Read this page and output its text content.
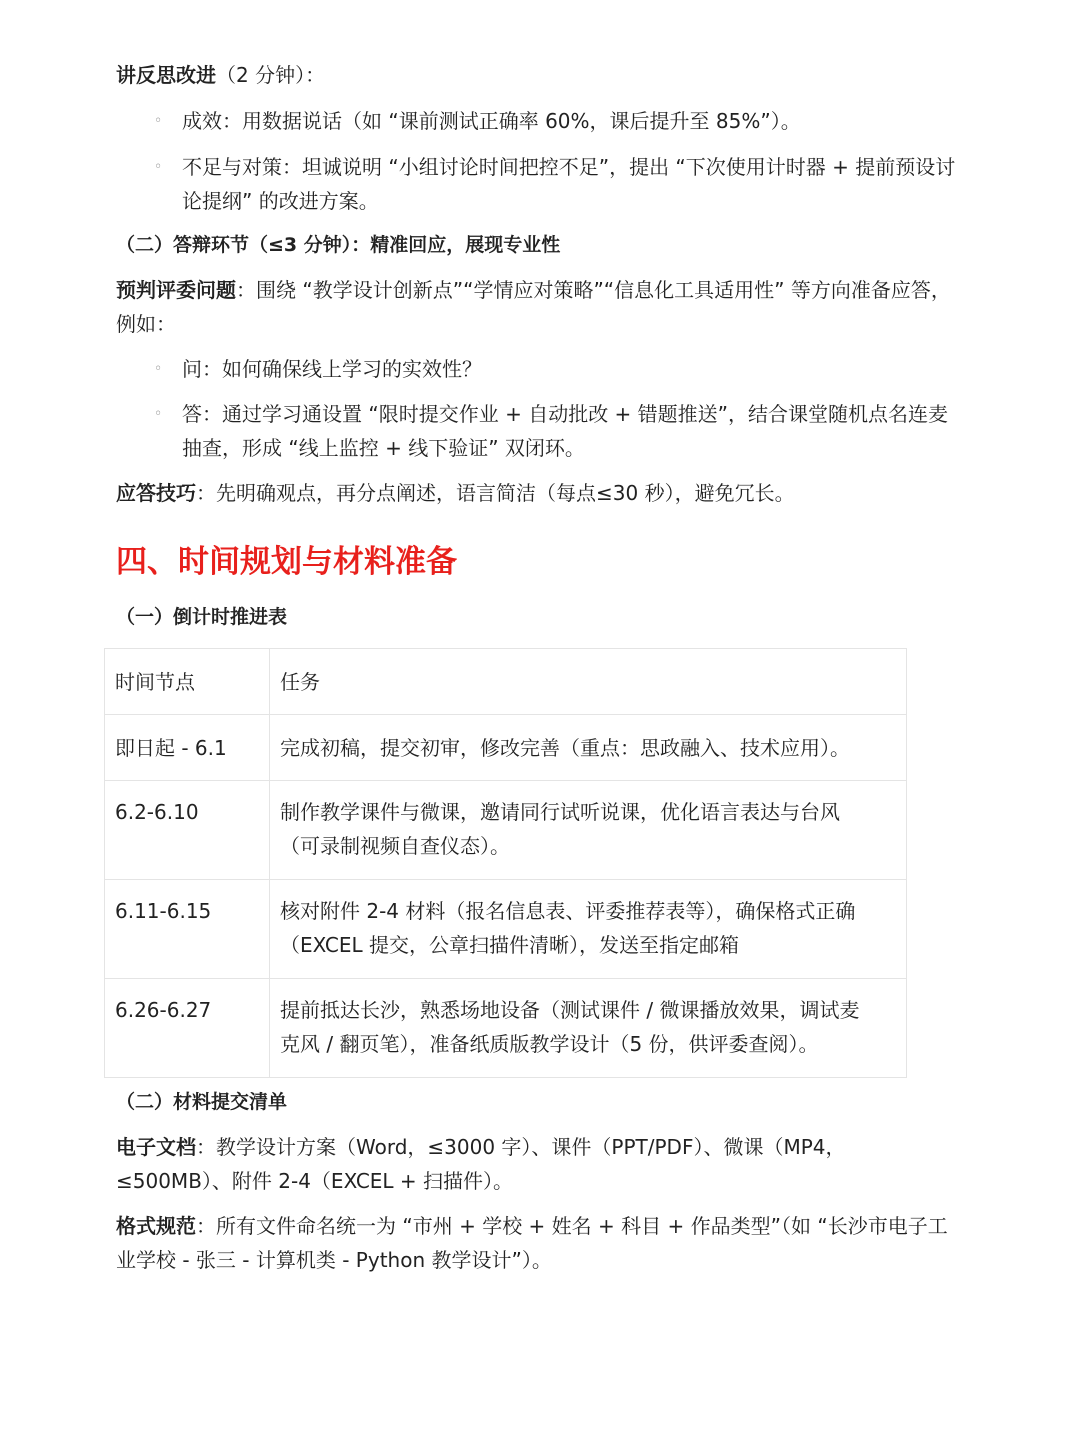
讲反思改进（2 分钟）：
◦ 成效：用数据说话（如 “课前测试正确率 60%，课后提升至 85%”）。
◦ 不足与对策：坦诚说明 “小组讨论时间把控不足”，提出 “下次使用计时器 + 提前预设讨
论提纲” 的改进方案。
（二）答辩环节（≤3 分钟）：精准回应，展现专业性
预判评委问题：围绕 “教学设计创新点”“学情应对策略”“信息化工具适用性” 等方向准备应答，
例如：
◦ 问：如何确保线上学习的实效性？
◦ 答：通过学习通设置 “限时提交作业 + 自动批改 + 错题推送”，结合课堂随机点名连麦
抽查，形成 “线上监控 + 线下验证” 双闭环。
应答技巧：先明确观点，再分点阐述，语言简洁（每点≤30 秒），避免冗长。
四、时间规划与材料准备
（一）倒计时推进表
时间节点	任务
即日起 - 6.1	完成初稿，提交初审，修改完善（重点：思政融入、技术应用）。
6.2-6.10	制作教学课件与微课，邀请同行试听说课，优化语言表达与台风
（可录制视频自查仪态）。

6.11-6.15	核对附件 2-4 材料（报名信息表、评委推荐表等），确保格式正确
（EXCEL 提交，公章扫描件清晰），发送至指定邮箱

6.26-6.27	提前抵达长沙，熟悉场地设备（测试课件 / 微课播放效果，调试麦
克风 / 翻页笔），准备纸质版教学设计（5 份，供评委查阅）。
（二）材料提交清单
电子文档：教学设计方案（Word，≤3000 字）、课件（PPT/PDF）、微课（MP4，
≤500MB）、附件 2-4（EXCEL + 扫描件）。
格式规范：所有文件命名统一为 “市州 + 学校 + 姓名 + 科目 + 作品类型”（如 “长沙市电子工
业学校 - 张三 - 计算机类 - Python 教学设计”）。
